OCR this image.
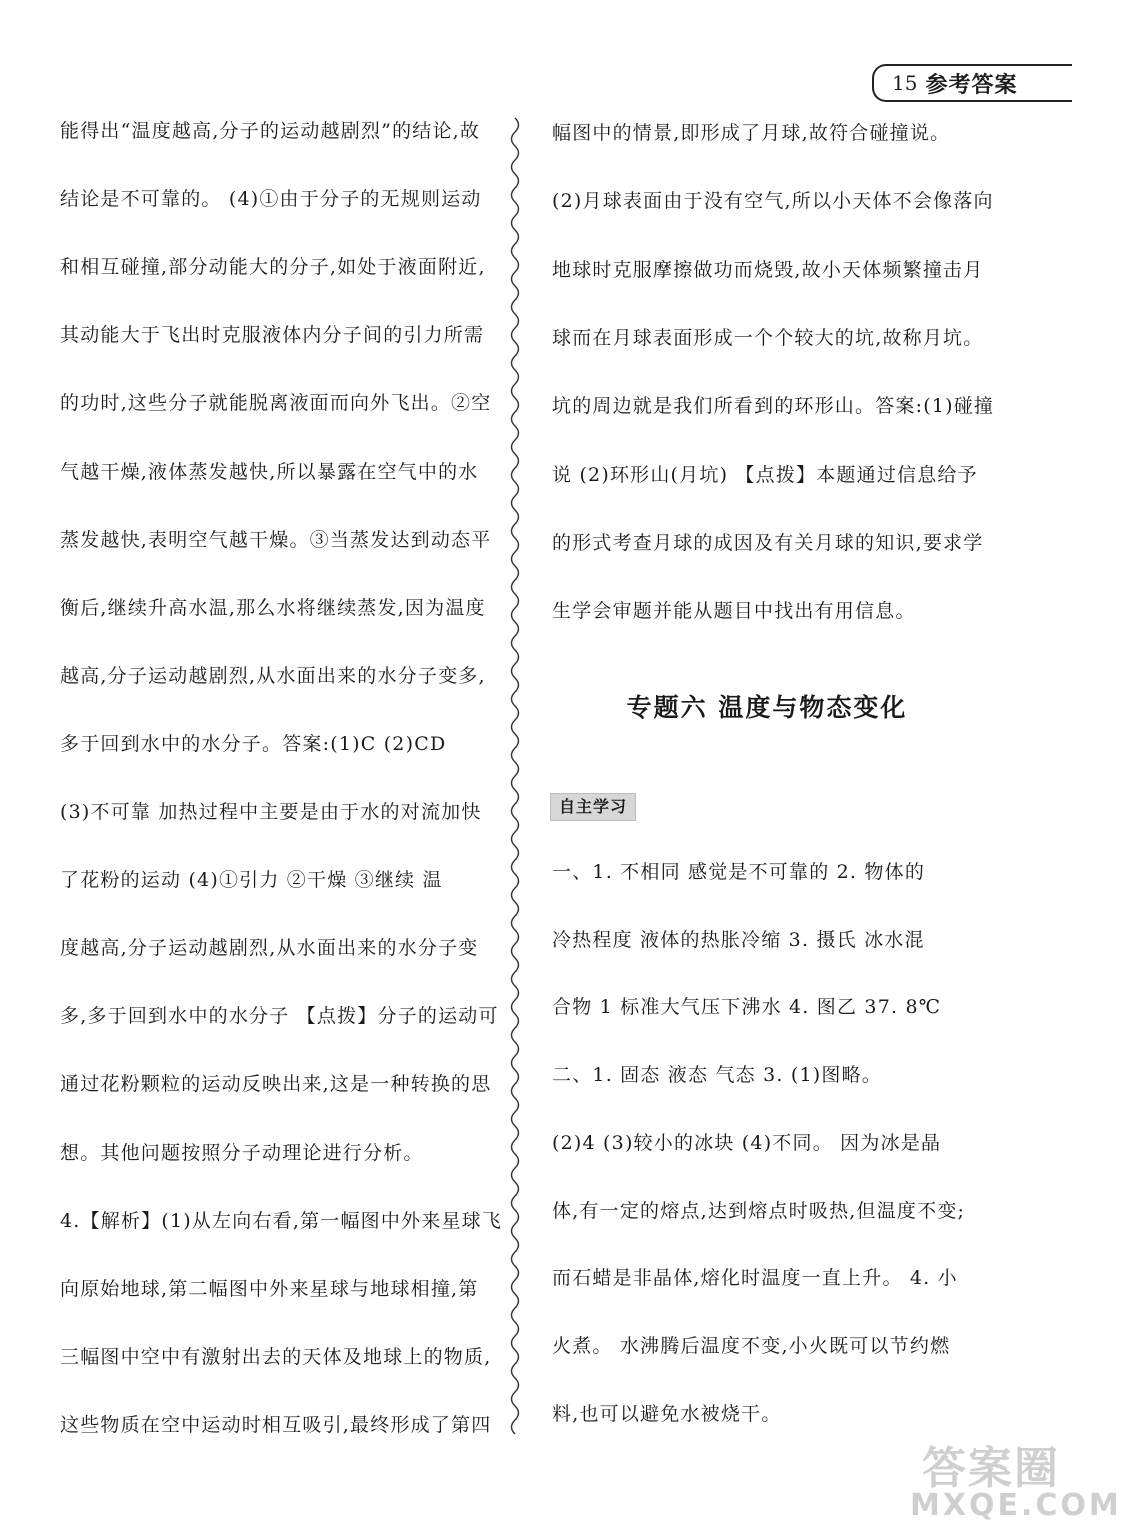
15 参考答案
能得出“温度越高,分子的运动越剧烈”的结论,故
结论是不可靠的。 (4)①由于分子的无规则运动
和相互碰撞,部分动能大的分子,如处于液面附近,
其动能大于飞出时克服液体内分子间的引力所需
的功时,这些分子就能脱离液面而向外飞出。②空
气越干燥,液体蒸发越快,所以暴露在空气中的水
蒸发越快,表明空气越干燥。③当蒸发达到动态平
衡后,继续升高水温,那么水将继续蒸发,因为温度
越高,分子运动越剧烈,从水面出来的水分子变多,
多于回到水中的水分子。答案:(1)C (2)CD
(3)不可靠 加热过程中主要是由于水的对流加快
了花粉的运动 (4)①引力 ②干燥 ③继续 温
度越高,分子运动越剧烈,从水面出来的水分子变
多,多于回到水中的水分子 【点拨】分子的运动可
通过花粉颗粒的运动反映出来,这是一种转换的思
想。其他问题按照分子动理论进行分析。
4.【解析】(1)从左向右看,第一幅图中外来星球飞
向原始地球,第二幅图中外来星球与地球相撞,第
三幅图中空中有激射出去的天体及地球上的物质,
这些物质在空中运动时相互吸引,最终形成了第四
幅图中的情景,即形成了月球,故符合碰撞说。
(2)月球表面由于没有空气,所以小天体不会像落向
地球时克服摩擦做功而烧毁,故小天体频繁撞击月
球而在月球表面形成一个个较大的坑,故称月坑。
坑的周边就是我们所看到的环形山。答案:(1)碰撞
说 (2)环形山(月坑) 【点拨】本题通过信息给予
的形式考查月球的成因及有关月球的知识,要求学
生学会审题并能从题目中找出有用信息。
专题六 温度与物态变化
自主学习
一、1. 不相同 感觉是不可靠的 2. 物体的
冷热程度 液体的热胀冷缩 3. 摄氏 冰水混
合物 1 标准大气压下沸水 4. 图乙 37. 8℃
二、1. 固态 液态 气态 3. (1)图略。
(2)4 (3)较小的冰块 (4)不同。 因为冰是晶
体,有一定的熔点,达到熔点时吸热,但温度不变;
而石蜡是非晶体,熔化时温度一直上升。 4. 小
火煮。 水沸腾后温度不变,小火既可以节约燃
料,也可以避免水被烧干。
答案圈
MXQE.COM
